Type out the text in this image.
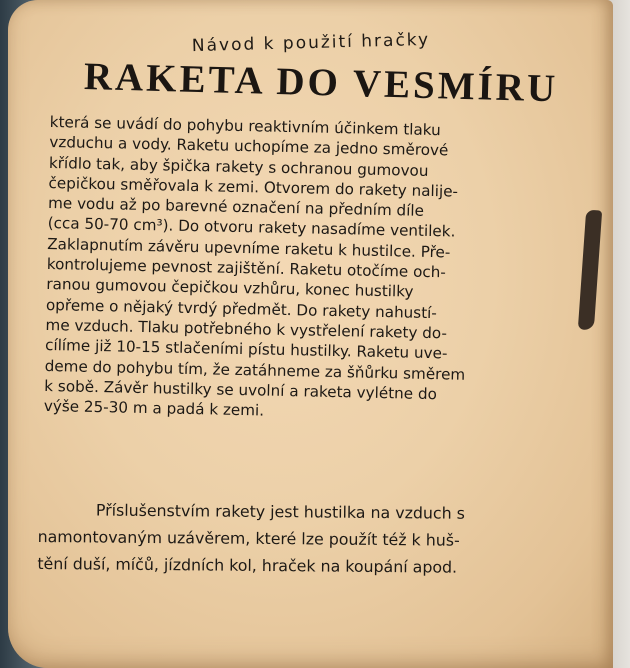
Návod k použití hračky
RAKETA DO VESMÍRU
která se uvádí do pohybu reaktivním účinkem tlaku
vzduchu a vody. Raketu uchopíme za jedno směrové
křídlo tak, aby špička rakety s ochranou gumovou
čepičkou směřovala k zemi. Otvorem do rakety nalije-
me vodu až po barevné označení na předním díle
(cca 50-70 cm³). Do otvoru rakety nasadíme ventilek.
Zaklapnutím závěru upevníme raketu k hustilce. Pře-
kontrolujeme pevnost zajištění. Raketu otočíme och-
ranou gumovou čepičkou vzhůru, konec hustilky
opřeme o nějaký tvrdý předmět. Do rakety nahustí-
me vzduch. Tlaku potřebného k vystřelení rakety do-
cílíme již 10-15 stlačeními pístu hustilky. Raketu uve-
deme do pohybu tím, že zatáhneme za šňůrku směrem
k sobě. Závěr hustilky se uvolní a raketa vylétne do
výše 25-30 m a padá k zemi.
Příslušenstvím rakety jest hustilka na vzduch s
namontovaným uzávěrem, které lze použít též k huš-
tění duší, míčů, jízdních kol, hraček na koupání apod.
